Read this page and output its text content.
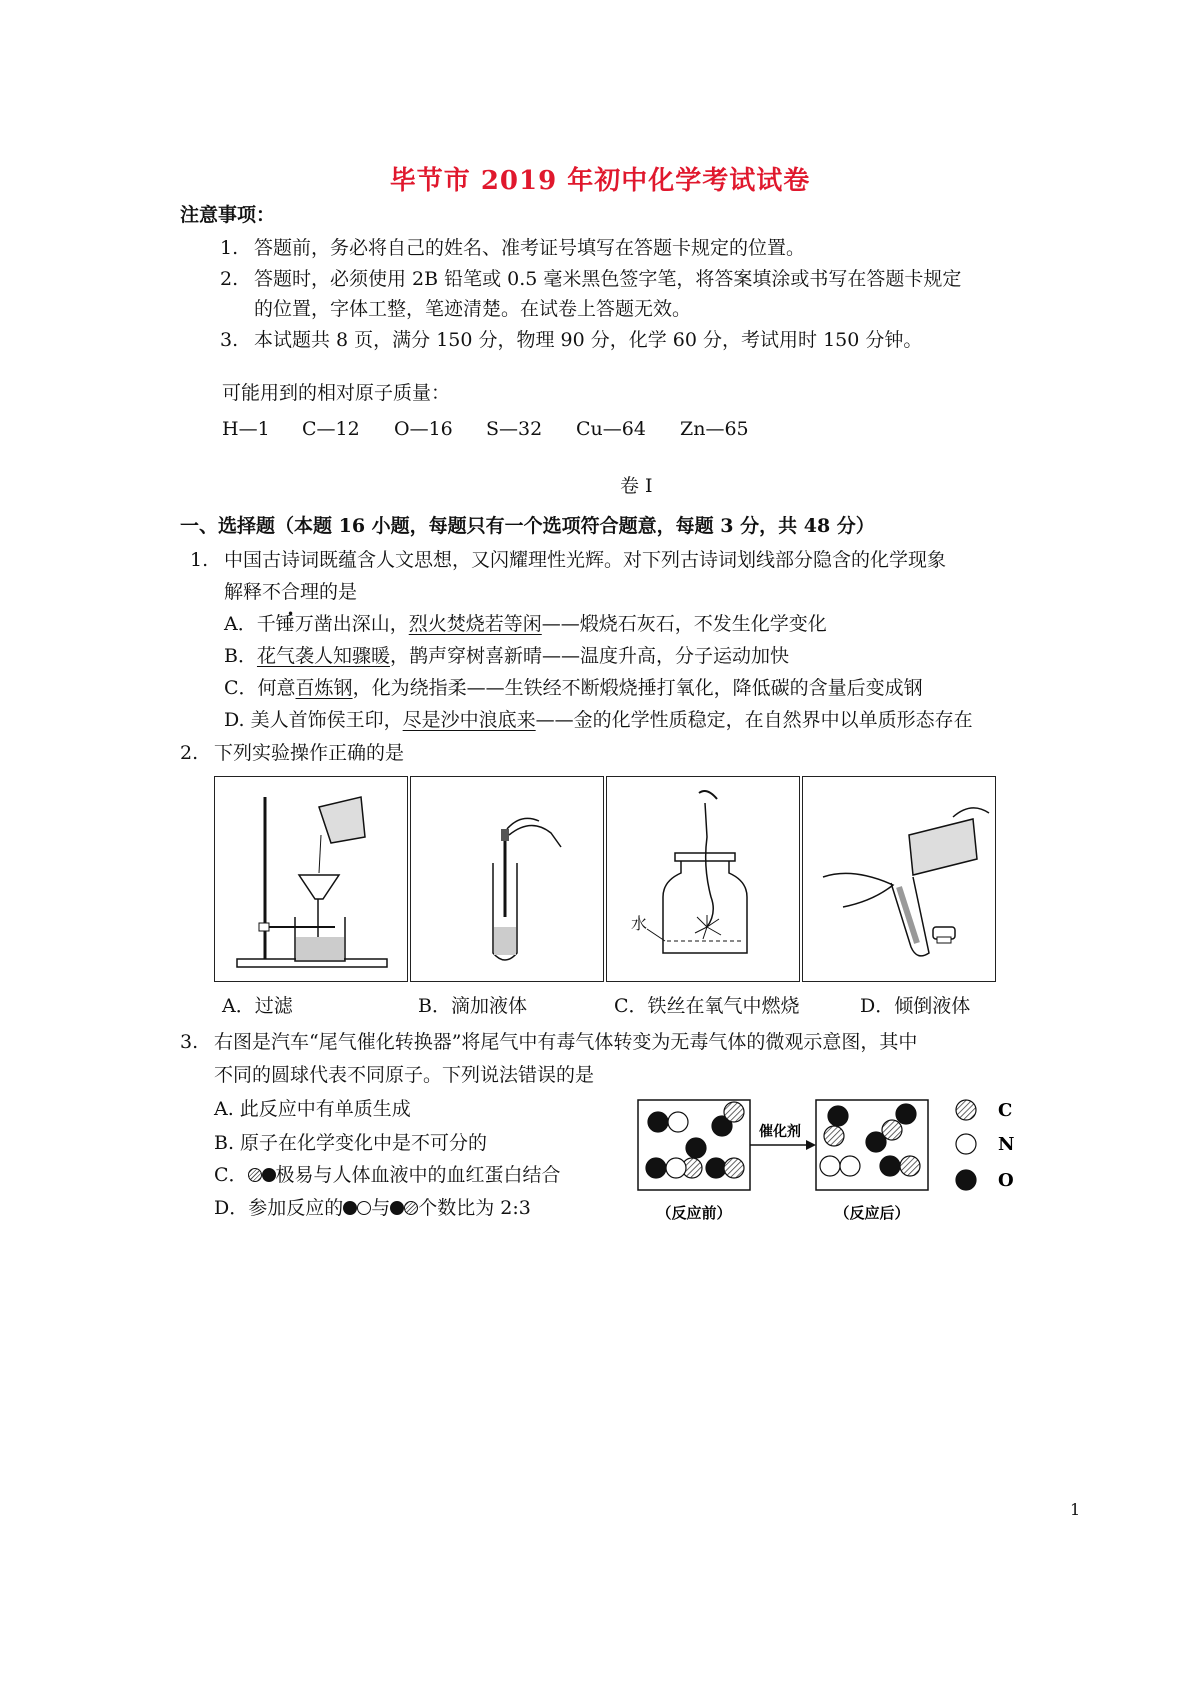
毕节市 2019 年初中化学考试试卷
注意事项：
1. 答题前，务必将自己的姓名、准考证号填写在答题卡规定的位置。
2. 答题时，必须使用 2B 铅笔或 0.5 毫米黑色签字笔，将答案填涂或书写在答题卡规定
的位置，字体工整，笔迹清楚。在试卷上答题无效。
3. 本试题共 8 页，满分 150 分，物理 90 分，化学 60 分，考试用时 150 分钟。
可能用到的相对原子质量：
H—1 C—12 O—16 S—32 Cu—64 Zn—65
卷 I
一、选择题（本题 16 小题，每题只有一个选项符合题意，每题 3 分，共 48 分）
1. 中国古诗词既蕴含人文思想，又闪耀理性光辉。对下列古诗词划线部分隐含的化学现象
解释不合理的是
A．千锤万凿出深山，烈火焚烧若等闲——煅烧石灰石，不发生化学变化
B．花气袭人知骤暖，鹊声穿树喜新晴——温度升高，分子运动加快
C．何意百炼钢，化为绕指柔——生铁经不断煅烧捶打氧化，降低碳的含量后变成钢
D. 美人首饰侯王印，尽是沙中浪底来——金的化学性质稳定，在自然界中以单质形态存在
2. 下列实验操作正确的是
水
A．过滤	B．滴加液体	C．铁丝在氧气中燃烧	D．倾倒液体
3. 右图是汽车“尾气催化转换器”将尾气中有毒气体转变为无毒气体的微观示意图，其中
不同的圆球代表不同原子。下列说法错误的是
A. 此反应中有单质生成
B. 原子在化学变化中是不可分的
C． 极易与人体血液中的血红蛋白结合
D．参加反应的 与 个数比为 2:3
催化剂
（反应前）	（反应后）
C
N
O
1
